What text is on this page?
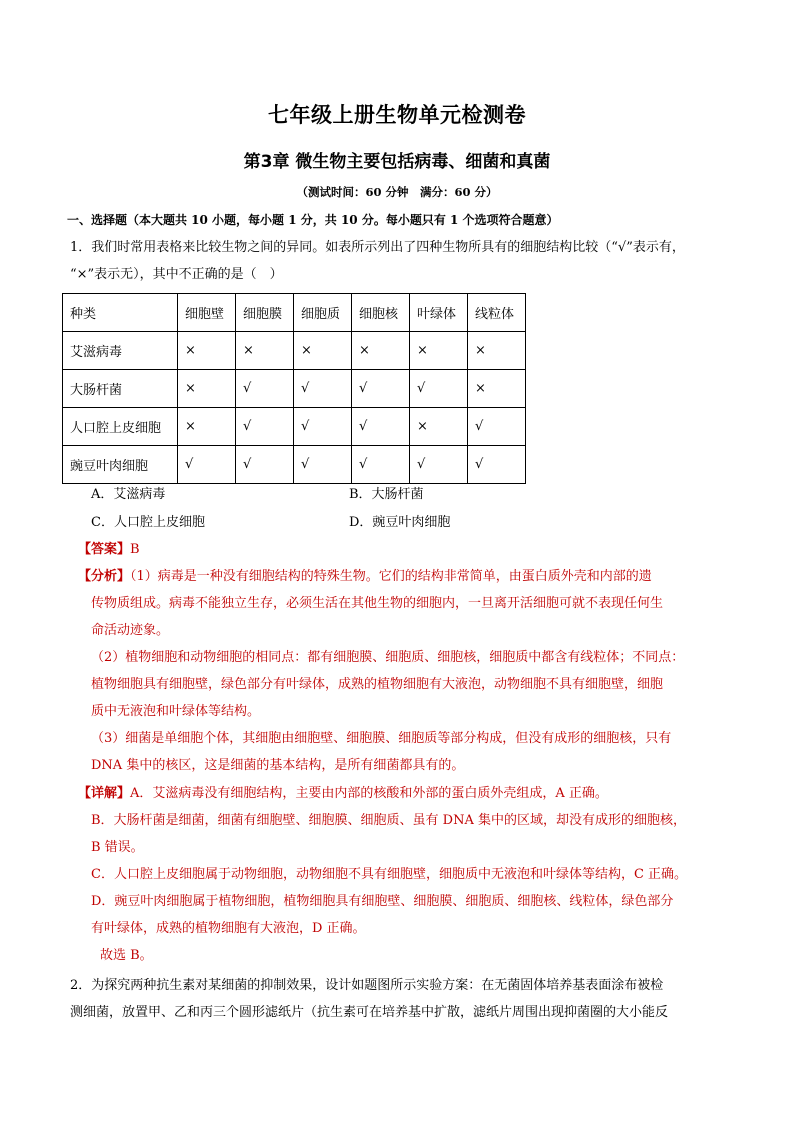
七年级上册生物单元检测卷
第3章 微生物主要包括病毒、细菌和真菌
（测试时间：60 分钟　满分：60 分）
一、选择题（本大题共 10 小题，每小题 1 分，共 10 分。每小题只有 1 个选项符合题意）
1．我们时常用表格来比较生物之间的异同。如表所示列出了四种生物所具有的细胞结构比较（“√”表示有，
“×”表示无），其中不正确的是（　）
种类	细胞壁	细胞膜	细胞质	细胞核	叶绿体	线粒体
艾滋病毒	×	×	×	×	×	×
大肠杆菌	×	√	√	√	√	×
人口腔上皮细胞	×	√	√	√	×	√
豌豆叶肉细胞	√	√	√	√	√	√
A．艾滋病毒	B．大肠杆菌
C．人口腔上皮细胞	D．豌豆叶肉细胞
【答案】B
【分析】（1）病毒是一种没有细胞结构的特殊生物。它们的结构非常简单，由蛋白质外壳和内部的遗
传物质组成。病毒不能独立生存，必须生活在其他生物的细胞内，一旦离开活细胞可就不表现任何生
命活动迹象。
（2）植物细胞和动物细胞的相同点：都有细胞膜、细胞质、细胞核，细胞质中都含有线粒体；不同点：
植物细胞具有细胞壁，绿色部分有叶绿体，成熟的植物细胞有大液泡，动物细胞不具有细胞壁，细胞
质中无液泡和叶绿体等结构。
（3）细菌是单细胞个体，其细胞由细胞壁、细胞膜、细胞质等部分构成，但没有成形的细胞核，只有
DNA 集中的核区，这是细菌的基本结构，是所有细菌都具有的。
【详解】A．艾滋病毒没有细胞结构，主要由内部的核酸和外部的蛋白质外壳组成，A 正确。
B．大肠杆菌是细菌，细菌有细胞壁、细胞膜、细胞质、虽有 DNA 集中的区域，却没有成形的细胞核，
B 错误。
C．人口腔上皮细胞属于动物细胞，动物细胞不具有细胞壁，细胞质中无液泡和叶绿体等结构，C 正确。
D．豌豆叶肉细胞属于植物细胞，植物细胞具有细胞壁、细胞膜、细胞质、细胞核、线粒体，绿色部分
有叶绿体，成熟的植物细胞有大液泡，D 正确。
故选 B。
2．为探究两种抗生素对某细菌的抑制效果，设计如题图所示实验方案：在无菌固体培养基表面涂布被检
测细菌，放置甲、乙和丙三个圆形滤纸片（抗生素可在培养基中扩散，滤纸片周围出现抑菌圈的大小能反
